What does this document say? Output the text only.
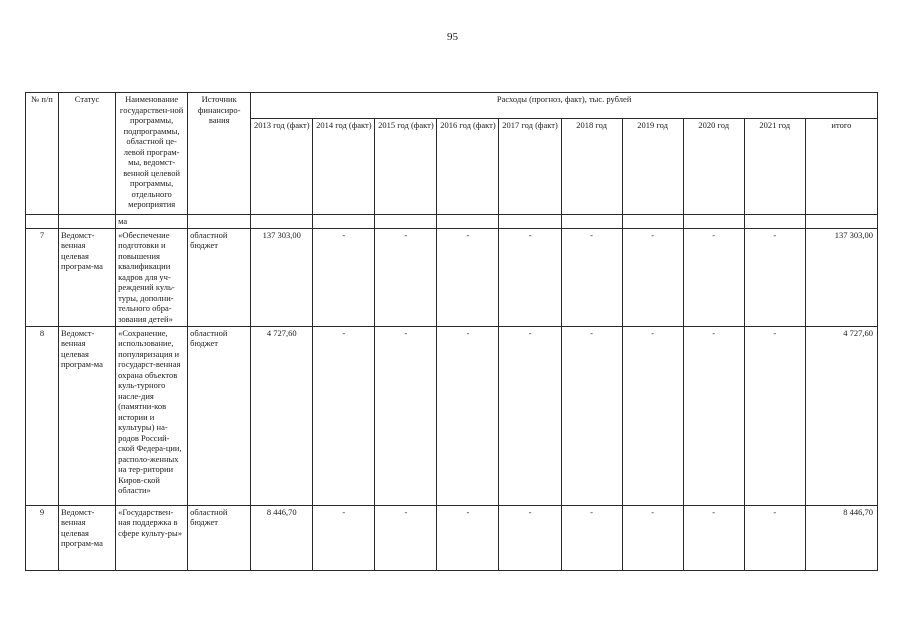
95
№ п/п	Статус	Наименование государствен-ной программы, подпрограммы, областной це-левой програм-мы, ведомст-венной целевой программы, отдельного мероприятия	Источник финансиро-вания	Расходы (прогноз, факт), тыс. рублей									
				2013 год (факт)	2014 год (факт)	2015 год (факт)	2016 год (факт)	2017 год (факт)	2018 год	2019 год	2020 год	2021 год	итого
		ма											
7	Ведомст-венная целевая програм-ма	«Обеспечение подготовки и повышения квалификации кадров для уч-реждений куль-туры, дополни-тельного обра-зования детей»	областной бюджет	137 303,00	-	-	-	-	-	-	-	-	137 303,00
8	Ведомст-венная целевая програм-ма	«Сохранение, использование, популяризация и государст-венная охрана объектов куль-турного насле-дия (памятни-ков истории и культуры) на-родов Россий-ской Федера-ции, располо-женных на тер-ритории Киров-ской области»	областной бюджет	4 727,60	-	-	-	-	-	-	-	-	4 727,60
9	Ведомст-венная целевая програм-ма	«Государствен-ная поддержка в сфере культу-ры»	областной бюджет	8 446,70	-	-	-	-	-	-	-	-	8 446,70
